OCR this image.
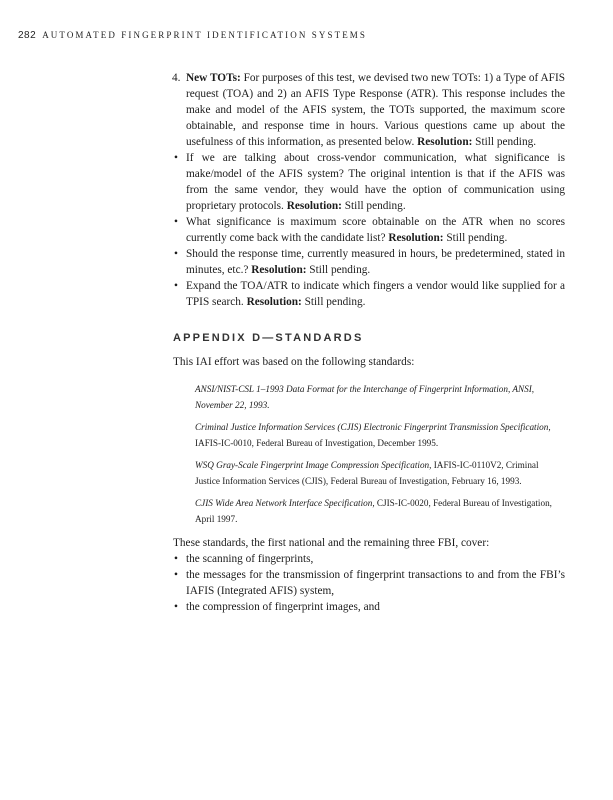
282 AUTOMATED FINGERPRINT IDENTIFICATION SYSTEMS

4. New TOTs: For purposes of this test, we devised two new TOTs: 1) a Type of AFIS request (TOA) and 2) an AFIS Type Response (ATR). This response includes the make and model of the AFIS system, the TOTs supported, the maximum score obtainable, and response time in hours. Various questions came up about the usefulness of this information, as presented below. Resolution: Still pending.

• If we are talking about cross-vendor communication, what significance is make/model of the AFIS system? The original intention is that if the AFIS was from the same vendor, they would have the option of communication using proprietary protocols. Resolution: Still pending.
• What significance is maximum score obtainable on the ATR when no scores currently come back with the candidate list? Resolution: Still pending.
• Should the response time, currently measured in hours, be predetermined, stated in minutes, etc.? Resolution: Still pending.
• Expand the TOA/ATR to indicate which fingers a vendor would like supplied for a TPIS search. Resolution: Still pending.
APPENDIX D—STANDARDS

This IAI effort was based on the following standards:

ANSI/NIST-CSL 1–1993 Data Format for the Interchange of Fingerprint Information, ANSI, November 22, 1993.

Criminal Justice Information Services (CJIS) Electronic Fingerprint Transmission Specification, IAFIS-IC-0010, Federal Bureau of Investigation, December 1995.

WSQ Gray-Scale Fingerprint Image Compression Specification, IAFIS-IC-0110V2, Criminal Justice Information Services (CJIS), Federal Bureau of Investigation, February 16, 1993.

CJIS Wide Area Network Interface Specification, CJIS-IC-0020, Federal Bureau of Investigation, April 1997.

These standards, the first national and the remaining three FBI, cover:

• the scanning of fingerprints,
• the messages for the transmission of fingerprint transactions to and from the FBI’s IAFIS (Integrated AFIS) system,
• the compression of fingerprint images, and
